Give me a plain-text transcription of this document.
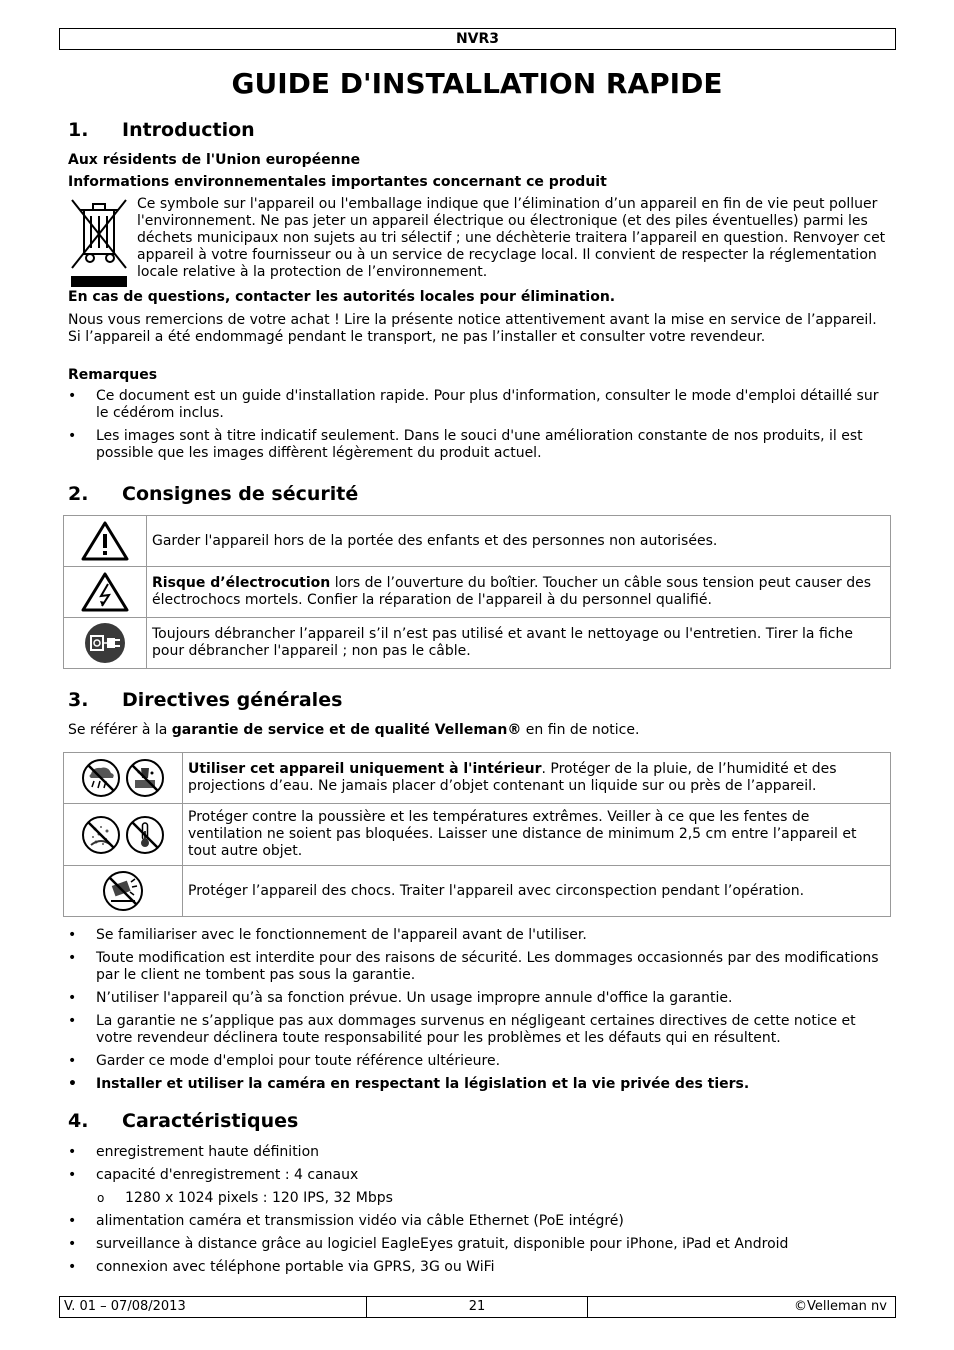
NVR3
GUIDE D'INSTALLATION RAPIDE
1. Introduction

Aux résidents de l'Union européenne

Informations environnementales importantes concernant ce produit

Ce symbole sur l'appareil ou l'emballage indique que l’élimination d’un appareil en fin de vie peut polluer l'environnement. Ne pas jeter un appareil électrique ou électronique (et des piles éventuelles) parmi les déchets municipaux non sujets au tri sélectif ; une déchèterie traitera l’appareil en question. Renvoyer cet appareil à votre fournisseur ou à un service de recyclage local. Il convient de respecter la réglementation locale relative à la protection de l’environnement.

En cas de questions, contacter les autorités locales pour élimination.

Nous vous remercions de votre achat ! Lire la présente notice attentivement avant la mise en service de l’appareil. Si l’appareil a été endommagé pendant le transport, ne pas l’installer et consulter votre revendeur.

Remarques

• Ce document est un guide d'installation rapide. Pour plus d'information, consulter le mode d'emploi détaillé sur le cédérom inclus.
• Les images sont à titre indicatif seulement. Dans le souci d'une amélioration constante de nos produits, il est possible que les images diffèrent légèrement du produit actuel.
2. Consignes de sécurité
	Garder l'appareil hors de la portée des enfants et des personnes non autorisées.
	Risque d’électrocution lors de l’ouverture du boîtier. Toucher un câble sous tension peut causer des électrochocs mortels. Confier la réparation de l'appareil à du personnel qualifié.
	Toujours débrancher l’appareil s’il n’est pas utilisé et avant le nettoyage ou l'entretien. Tirer la fiche pour débrancher l'appareil ; non pas le câble.
3. Directives générales

Se référer à la garantie de service et de qualité Velleman® en fin de notice.

	Utiliser cet appareil uniquement à l'intérieur. Protéger de la pluie, de l’humidité et des projections d’eau. Ne jamais placer d’objet contenant un liquide sur ou près de l’appareil.
	Protéger contre la poussière et les températures extrêmes. Veiller à ce que les fentes de ventilation ne soient pas bloquées. Laisser une distance de minimum 2,5 cm entre l’appareil et tout autre objet.
	Protéger l’appareil des chocs. Traiter l'appareil avec circonspection pendant l’opération.
• Se familiariser avec le fonctionnement de l'appareil avant de l'utiliser.
• Toute modification est interdite pour des raisons de sécurité. Les dommages occasionnés par des modifications par le client ne tombent pas sous la garantie.
• N’utiliser l'appareil qu’à sa fonction prévue. Un usage impropre annule d'office la garantie.
• La garantie ne s’applique pas aux dommages survenus en négligeant certaines directives de cette notice et votre revendeur déclinera toute responsabilité pour les problèmes et les défauts qui en résultent.
• Garder ce mode d'emploi pour toute référence ultérieure.
• Installer et utiliser la caméra en respectant la législation et la vie privée des tiers.
4. Caractéristiques
• enregistrement haute définition
• capacité d'enregistrement : 4 canaux
o 1280 x 1024 pixels : 120 IPS, 32 Mbps
• alimentation caméra et transmission vidéo via câble Ethernet (PoE intégré)
• surveillance à distance grâce au logiciel EagleEyes gratuit, disponible pour iPhone, iPad et Android
• connexion avec téléphone portable via GPRS, 3G ou WiFi
V. 01 – 07/08/2013	21	©Velleman nv
